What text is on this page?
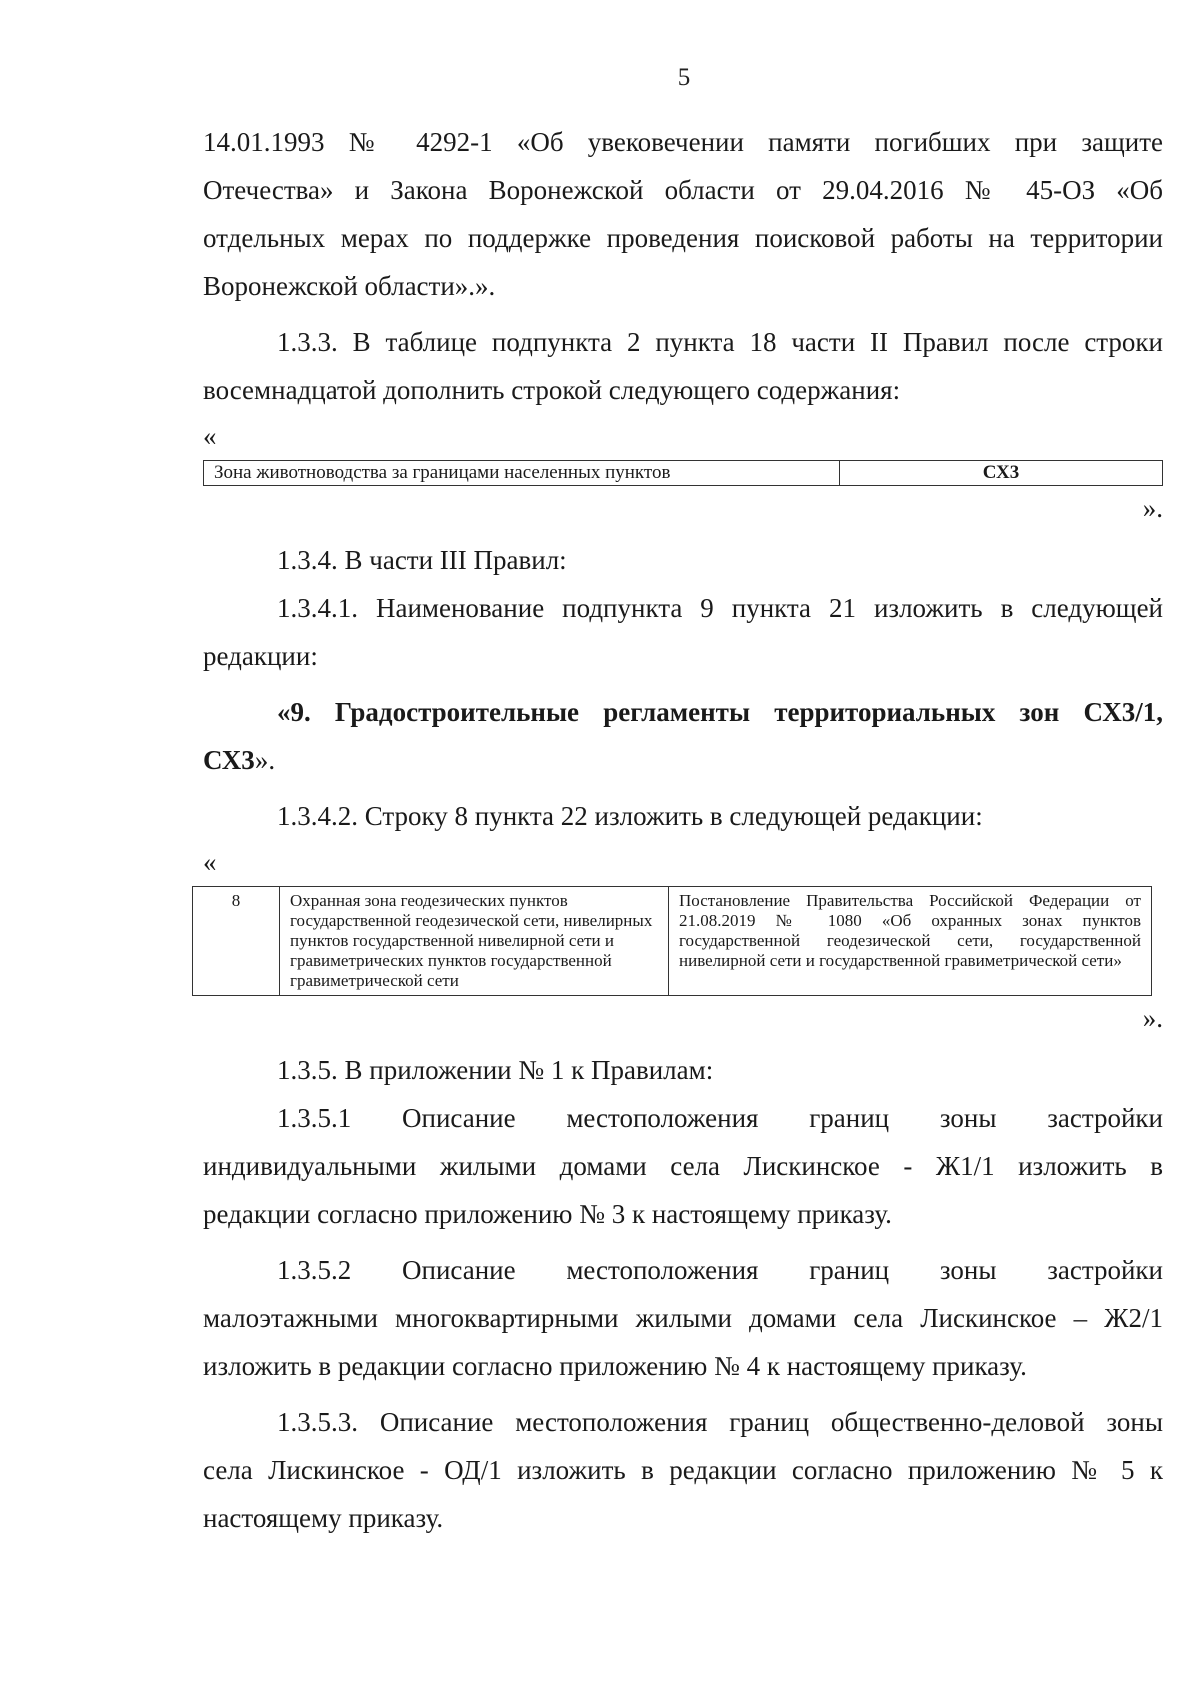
5

14.01.1993 № 4292-1 «Об увековечении памяти погибших при защите

Отечества» и Закона Воронежской области от 29.04.2016 № 45-ОЗ «Об

отдельных мерах по поддержке проведения поисковой работы на территории

Воронежской области».».

1.3.3. В таблице подпункта 2 пункта 18 части II Правил после строки

восемнадцатой дополнить строкой следующего содержания:

«

Зона животноводства за границами населенных пунктов	СХ3
».

1.3.4. В части III Правил:

1.3.4.1. Наименование подпункта 9 пункта 21 изложить в следующей

редакции:

«9. Градостроительные регламенты территориальных зон СХ3/1,

СХ3».

1.3.4.2. Строку 8 пункта 22 изложить в следующей редакции:

«

8	Охранная зона геодезических пунктов государственной геодезической сети, нивелирных пунктов государственной нивелирной сети и гравиметрических пунктов государственной гравиметрической сети	Постановление Правительства Российской Федерации от 21.08.2019 № 1080 «Об охранных зонах пунктов государственной геодезической сети, государственной нивелирной сети и государственной гравиметрической сети»
».

1.3.5. В приложении № 1 к Правилам:

1.3.5.1 Описание местоположения границ зоны застройки

индивидуальными жилыми домами села Лискинское - Ж1/1 изложить в

редакции согласно приложению № 3 к настоящему приказу.

1.3.5.2 Описание местоположения границ зоны застройки

малоэтажными многоквартирными жилыми домами села Лискинское – Ж2/1

изложить в редакции согласно приложению № 4 к настоящему приказу.

1.3.5.3. Описание местоположения границ общественно-деловой зоны

села Лискинское - ОД/1 изложить в редакции согласно приложению № 5 к

настоящему приказу.
